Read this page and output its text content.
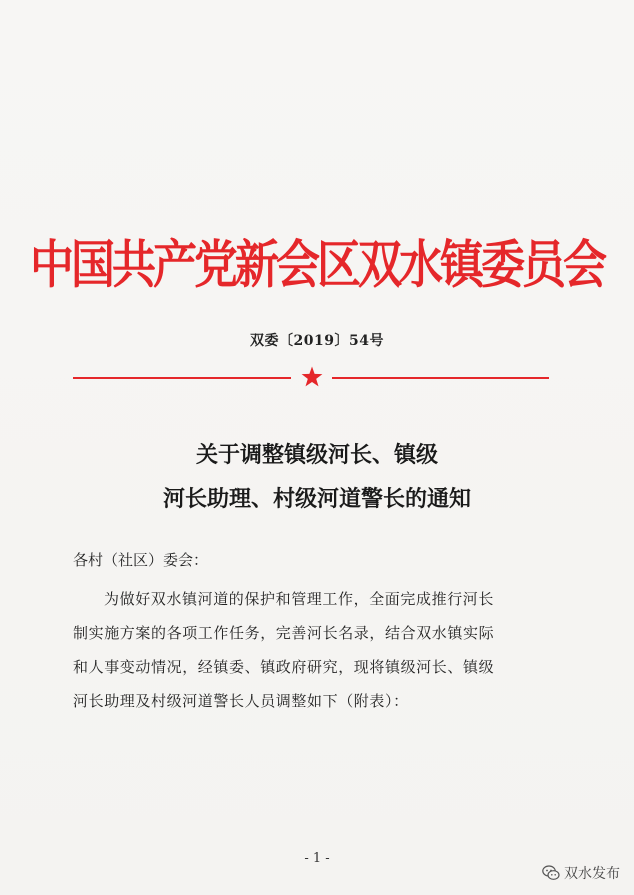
中国共产党新会区双水镇委员会
双委〔2019〕54号
关于调整镇级河长、镇级
河长助理、村级河道警长的通知
各村（社区）委会：
为做好双水镇河道的保护和管理工作，全面完成推行河长
制实施方案的各项工作任务，完善河长名录，结合双水镇实际
和人事变动情况，经镇委、镇政府研究，现将镇级河长、镇级
河长助理及村级河道警长人员调整如下（附表）：
- 1 -
双水发布
